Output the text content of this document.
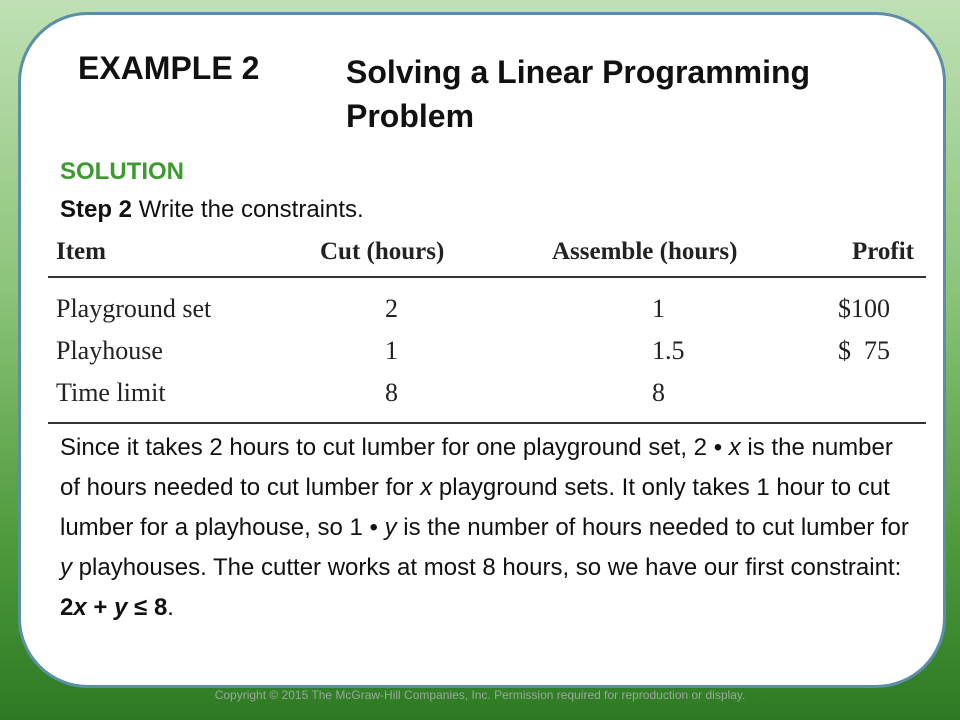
EXAMPLE 2	Solving a Linear Programming Problem
SOLUTION
Step 2 Write the constraints.
Item	Cut (hours)	Assemble (hours)	Profit
Playground set	2	1	$100
Playhouse	1	1.5	$  75
Time limit	8	8
Since it takes 2 hours to cut lumber for one playground set, 2 • x is the number of hours needed to cut lumber for x playground sets. It only takes 1 hour to cut lumber for a playhouse, so 1 • y is the number of hours needed to cut lumber for y playhouses. The cutter works at most 8 hours, so we have our first constraint: 2x + y ≤ 8.
Copyright © 2015 The McGraw-Hill Companies, Inc. Permission required for reproduction or display.
